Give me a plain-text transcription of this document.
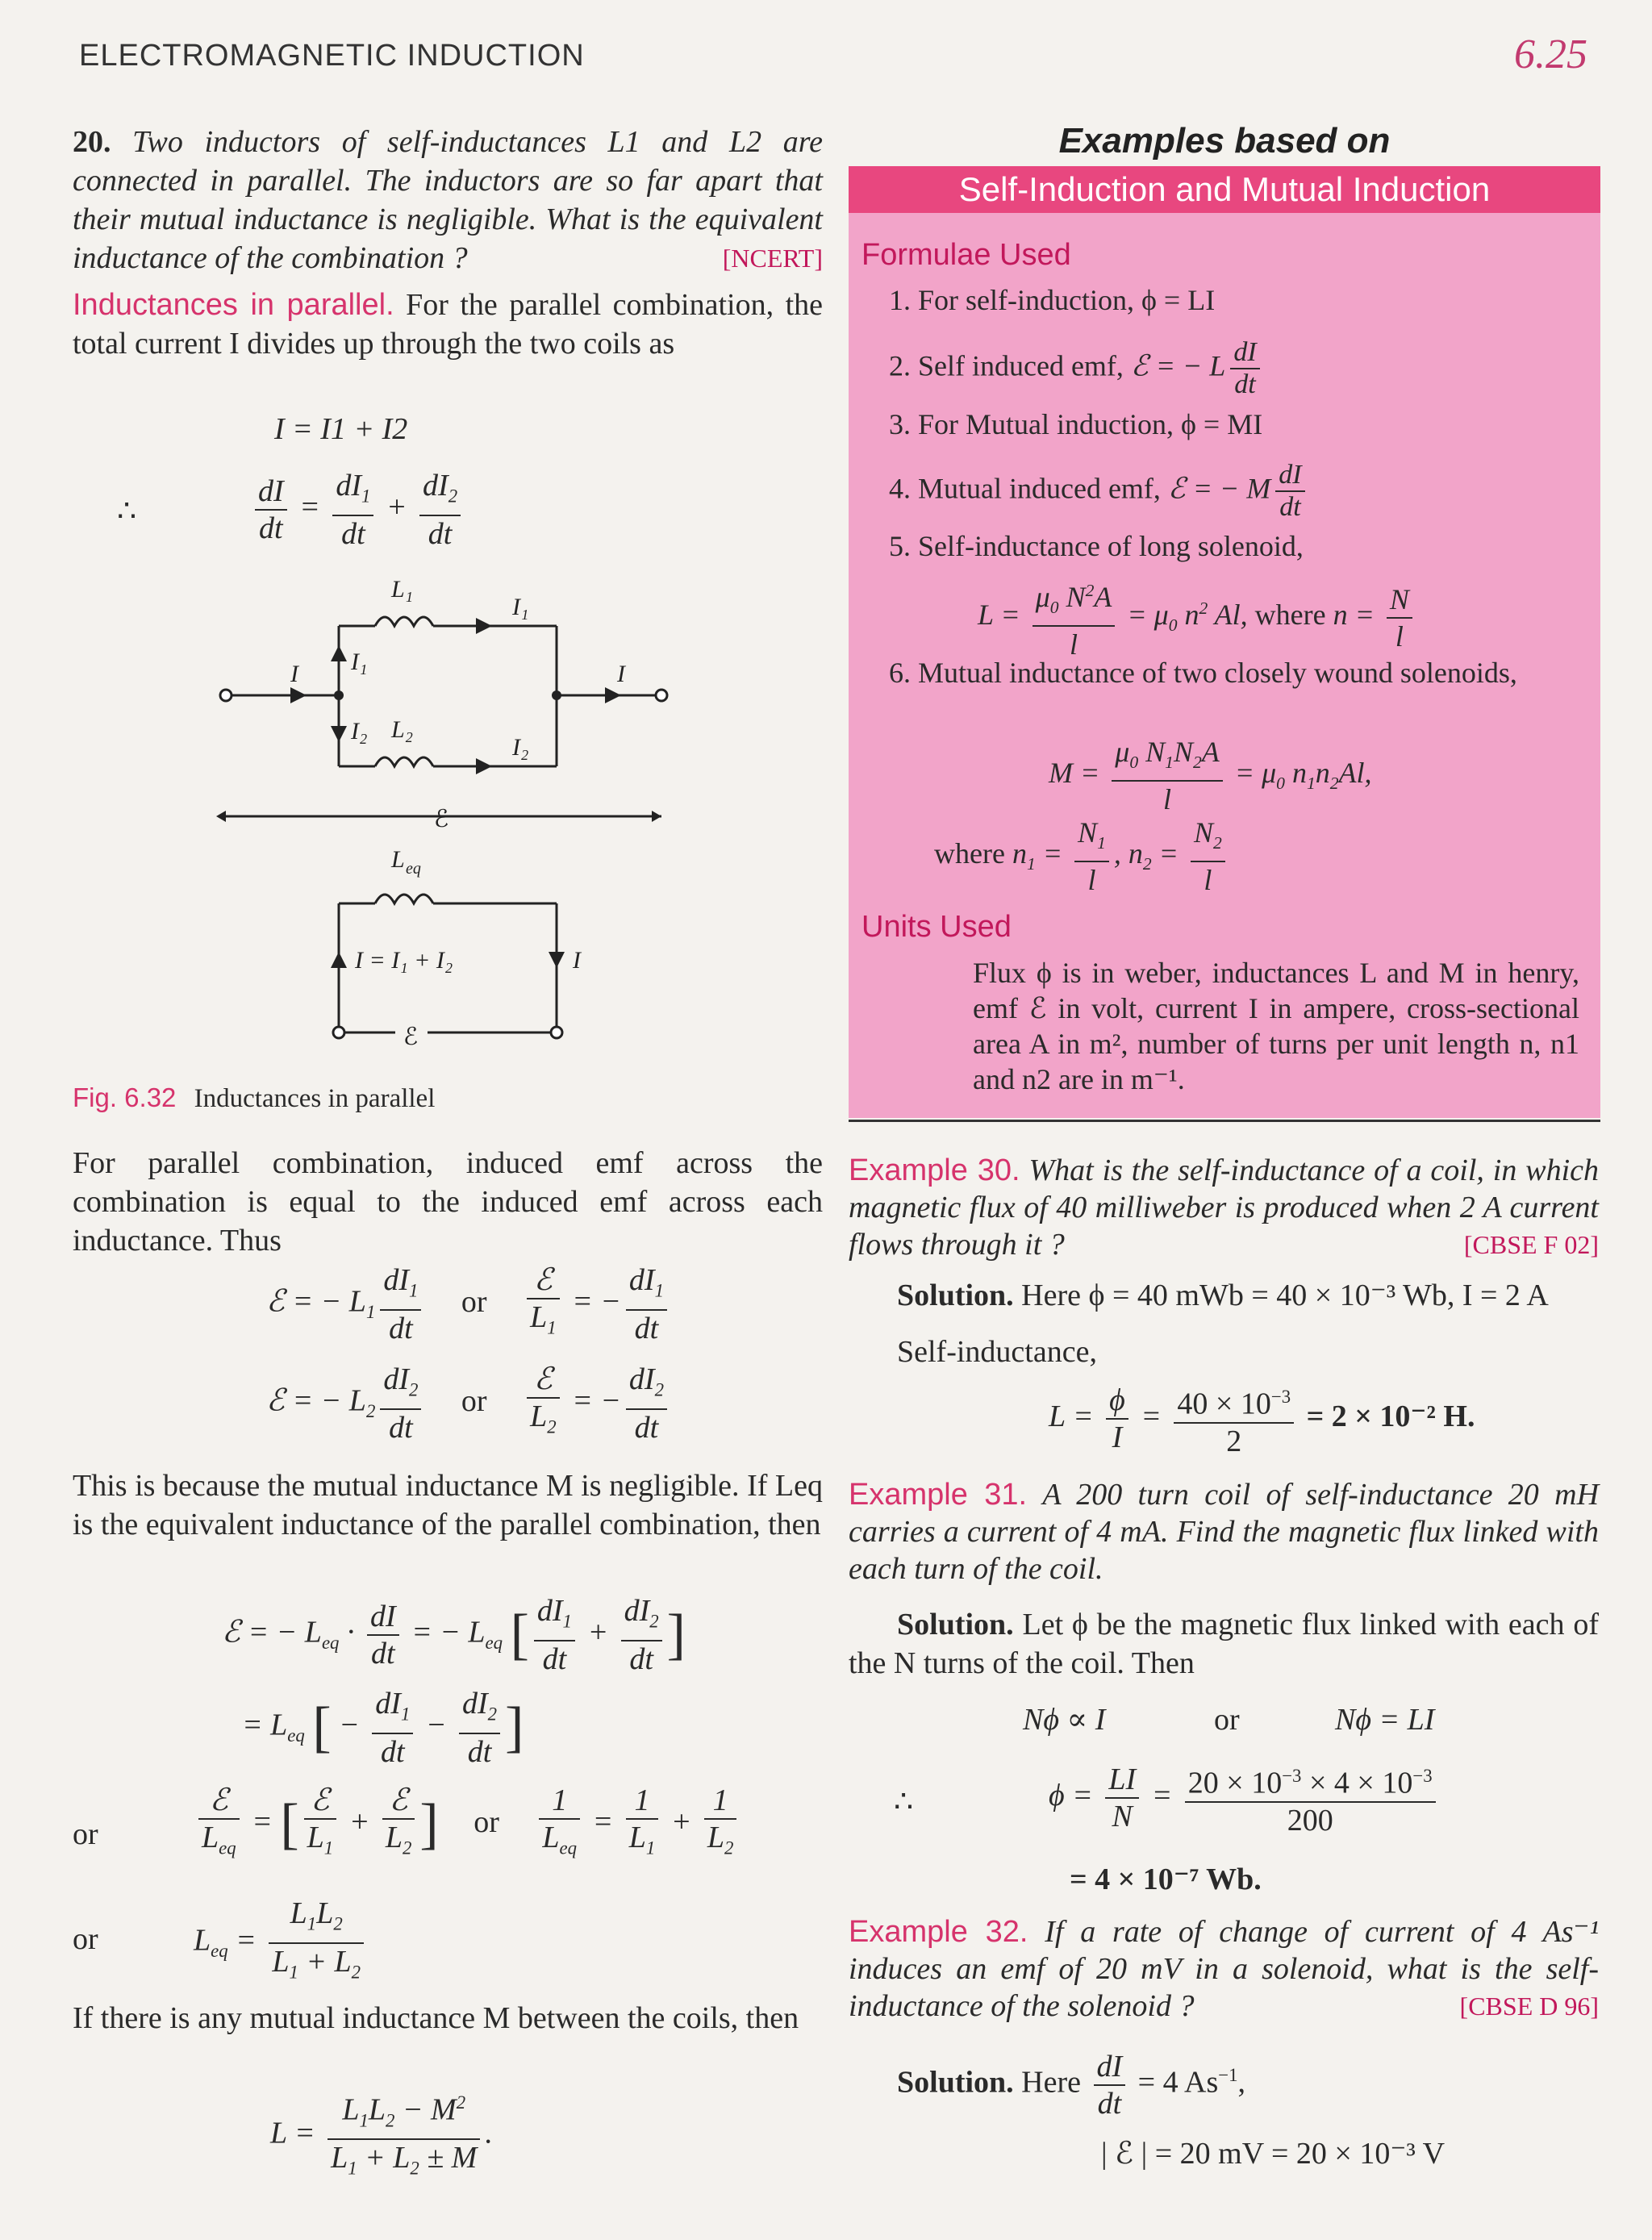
ELECTROMAGNETIC INDUCTION	6.25
20. Two inductors of self-inductances L1 and L2 are connected in parallel. The inductors are so far apart that their mutual inductance is negligible. What is the equivalent inductance of the combination ?	[NCERT]
Inductances in parallel. For the parallel combination, the total current I divides up through the two coils as
I = I1 + I2
∴	$\frac{dI}{dt} = \frac{dI_1}{dt} + \frac{dI_2}{dt}$
L₁
I₁
I I₁
I₂ L₂
I₂
I
ℰ
L eq
I = I₁ + I₂	I
ℰ
Fig. 6.32 Inductances in parallel
For parallel combination, induced emf across the combination is equal to the induced emf across each inductance. Thus
ℰ = − $L_1 \frac{dI_1}{dt}$ or $\frac{\text{ℰ}}{L_1}$ = − $\frac{dI_1}{dt}$
ℰ = − $L_2 \frac{dI_2}{dt}$ or $\frac{\text{ℰ}}{L_2}$ = − $\frac{dI_2}{dt}$
This is because the mutual inductance M is negligible. If Leq is the equivalent inductance of the parallel combination, then
ℰ = − $L_{eq} \cdot \frac{dI}{dt}$ = − $L_{eq}$ [ $\frac{dI_1}{dt} + \frac{dI_2}{dt}$ ]
= $L_{eq}$ [ − $\frac{dI_1}{dt} - \frac{dI_2}{dt}$ ]
or	$\frac{\text{ℰ}}{L_{eq}}$ = [ $\frac{\text{ℰ}}{L_1} + \frac{\text{ℰ}}{L_2}$ ] or $\frac{1}{L_{eq}} = \frac{1}{L_1} + \frac{1}{L_2}$
or	$L_{eq} = \frac{L_1L_2}{L_1 + L_2}$
If there is any mutual inductance M between the coils, then
$L = \frac{L_1L_2 - M^2}{L_1 + L_2 \pm M}$ .
Examples based on
Self-Induction and Mutual Induction
Formulae Used
1. For self-induction, ϕ = LI
2. Self induced emf, ℰ = − L $\frac{dI}{dt}$
3. For Mutual induction, ϕ = MI
4. Mutual induced emf, ℰ = − M $\frac{dI}{dt}$
5. Self-inductance of long solenoid,
$L = \frac{\mu_0 N^2A}{l} = \mu_0$ $n^2$ Al, where $n = \frac{N}{l}$
6. Mutual inductance of two closely wound solenoids,
$M = \frac{\mu_0 N_1N_2A}{l} = \mu_0$ $n_1n_2Al$,
where $n_1 = \frac{N_1}{l}$ , $n_2 = \frac{N_2}{l}$
Units Used
Flux ϕ is in weber, inductances L and M in henry, emf ℰ in volt, current I in ampere, cross-sectional area A in m², number of turns per unit length n, n1 and n2 are in m⁻¹.
Example 30. What is the self-inductance of a coil, in which magnetic flux of 40 milliweber is produced when 2 A current flows through it ?	[CBSE F 02]
Solution. Here ϕ = 40 mWb = 40 × 10⁻³ Wb, I = 2 A
Self-inductance,
$L = \frac{\phi}{I} = \frac{40 \times 10^{-3}}{2} = 2 \times 10^{-2}$ H.
Example 31. A 200 turn coil of self-inductance 20 mH carries a current of 4 mA. Find the magnetic flux linked with each turn of the coil.
Solution. Let ϕ be the magnetic flux linked with each of the N turns of the coil. Then
Nϕ ∝ I	or	Nϕ = LI
∴	$\phi = \frac{LI}{N} = \frac{20 \times 10^{-3} \times 4 \times 10^{-3}}{200}$
= 4 × 10⁻⁷ Wb.
Example 32. If a rate of change of current of 4 As⁻¹ induces an emf of 20 mV in a solenoid, what is the self-inductance of the solenoid ?	[CBSE D 96]
Solution. Here $\frac{dI}{dt} = 4$ $As^{-1}$,
| ℰ | = 20 mV = 20 × 10⁻³ V
